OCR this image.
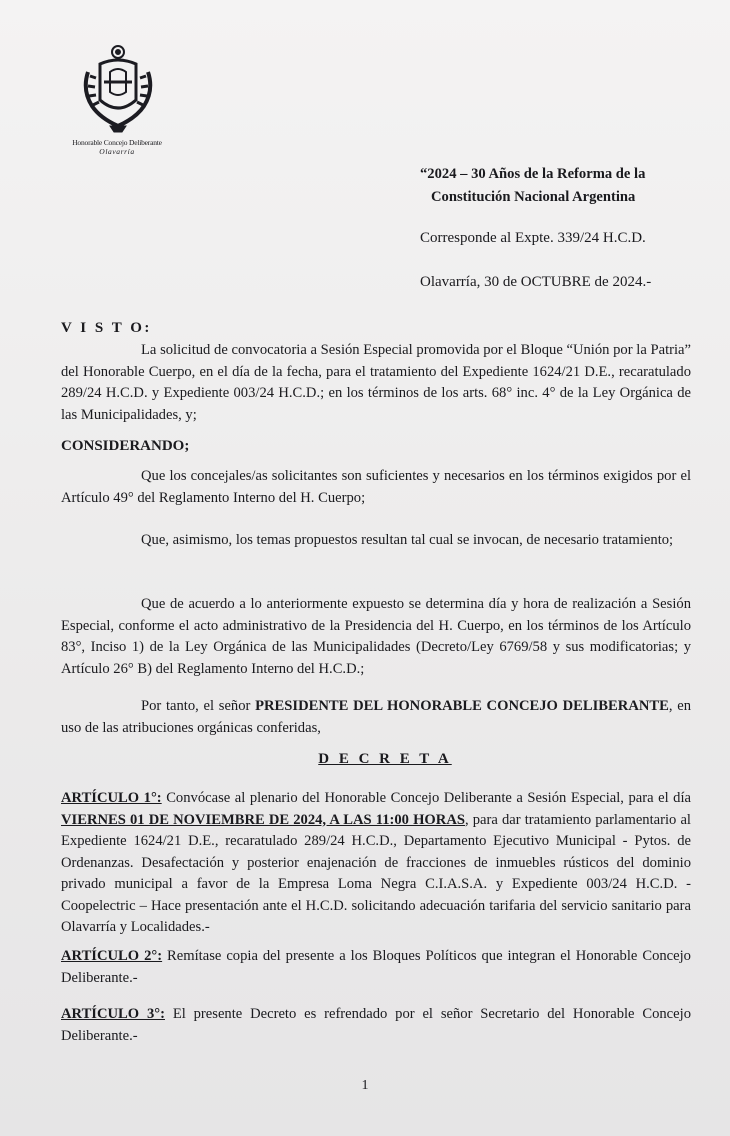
Honorable Concejo Deliberante
Olavarría
“2024 – 30 Años de la Reforma de la
Constitución Nacional Argentina
Corresponde al Expte. 339/24 H.C.D.
Olavarría, 30 de OCTUBRE de 2024.-
V I S T O:
La solicitud de convocatoria a Sesión Especial promovida por el Bloque “Unión por la Patria” del Honorable Cuerpo, en el día de la fecha, para el tratamiento del Expediente 1624/21 D.E., recaratulado 289/24 H.C.D. y Expediente 003/24 H.C.D.; en los términos de los arts. 68° inc. 4° de la Ley Orgánica de las Municipalidades, y;
CONSIDERANDO;
Que los concejales/as solicitantes son suficientes y necesarios en los términos exigidos por el Artículo 49° del Reglamento Interno del H. Cuerpo;
Que, asimismo, los temas propuestos resultan tal cual se invocan, de necesario tratamiento;
Que de acuerdo a lo anteriormente expuesto se determina día y hora de realización a Sesión Especial, conforme el acto administrativo de la Presidencia del H. Cuerpo, en los términos de los Artículo 83°, Inciso 1) de la Ley Orgánica de las Municipalidades (Decreto/Ley 6769/58 y sus modificatorias; y Artículo 26° B) del Reglamento Interno del H.C.D.;
Por tanto, el señor PRESIDENTE DEL HONORABLE CONCEJO DELIBERANTE, en uso de las atribuciones orgánicas conferidas,
D E C R E T A
ARTÍCULO 1°: Convócase al plenario del Honorable Concejo Deliberante a Sesión Especial, para el día VIERNES 01 DE NOVIEMBRE DE 2024, A LAS 11:00 HORAS, para dar tratamiento parlamentario al Expediente 1624/21 D.E., recaratulado 289/24 H.C.D., Departamento Ejecutivo Municipal - Pytos. de Ordenanzas. Desafectación y posterior enajenación de fracciones de inmuebles rústicos del dominio privado municipal a favor de la Empresa Loma Negra C.I.A.S.A. y Expediente 003/24 H.C.D. - Coopelectric – Hace presentación ante el H.C.D. solicitando adecuación tarifaria del servicio sanitario para Olavarría y Localidades.-
ARTÍCULO 2°: Remítase copia del presente a los Bloques Políticos que integran el Honorable Concejo Deliberante.-
ARTÍCULO 3°: El presente Decreto es refrendado por el señor Secretario del Honorable Concejo Deliberante.-
1
